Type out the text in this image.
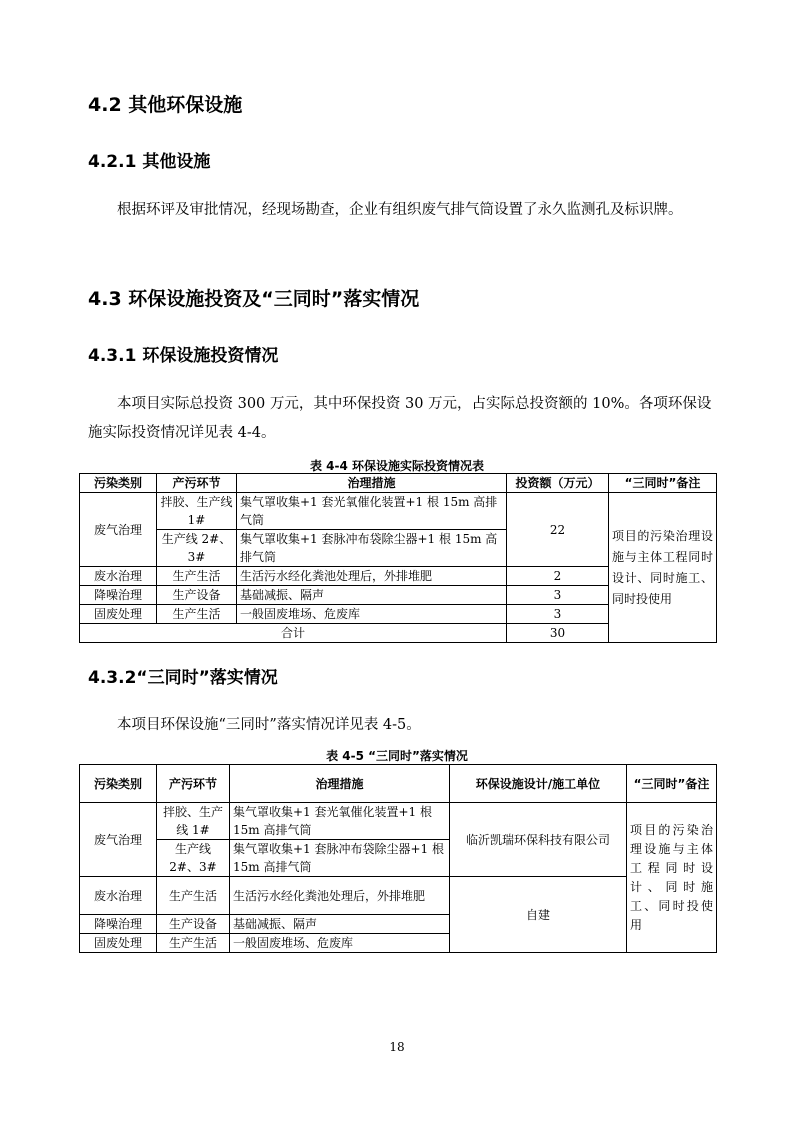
4.2 其他环保设施
4.2.1 其他设施

根据环评及审批情况，经现场勘查，企业有组织废气排气筒设置了永久监测孔及标识牌。

4.3 环保设施投资及“三同时”落实情况
4.3.1 环保设施投资情况

本项目实际总投资 300 万元，其中环保投资 30 万元，占实际总投资额的 10%。各项环保设施实际投资情况详见表 4-4。

表 4-4 环保设施实际投资情况表
污染类别	产污环节	治理措施	投资额（万元）	“三同时”备注
废气治理	拌胶、生产线 1#	集气罩收集+1 套光氧催化装置+1 根 15m 高排气筒	22	项目的污染治理设施与主体工程同时设计、同时施工、同时投使用
	生产线 2#、3#	集气罩收集+1 套脉冲布袋除尘器+1 根 15m 高排气筒		
废水治理	生产生活	生活污水经化粪池处理后，外排堆肥	2	
降噪治理	生产设备	基础减振、隔声	3	
固废处理	生产生活	一般固废堆场、危废库	3	
合计			30	
4.3.2“三同时”落实情况

本项目环保设施“三同时”落实情况详见表 4-5。

表 4-5 “三同时”落实情况
污染类别	产污环节	治理措施	环保设施设计/施工单位	“三同时”备注
废气治理	拌胶、生产线 1#	集气罩收集+1 套光氧催化装置+1 根 15m 高排气筒	临沂凯瑞环保科技有限公司	项目的污染治理设施与主体工程同时设计、同时施工、同时投使用
	生产线 2#、3#	集气罩收集+1 套脉冲布袋除尘器+1 根 15m 高排气筒		
废水治理	生产生活	生活污水经化粪池处理后，外排堆肥	自建	
降噪治理	生产设备	基础减振、隔声		
固废处理	生产生活	一般固废堆场、危废库		
18
